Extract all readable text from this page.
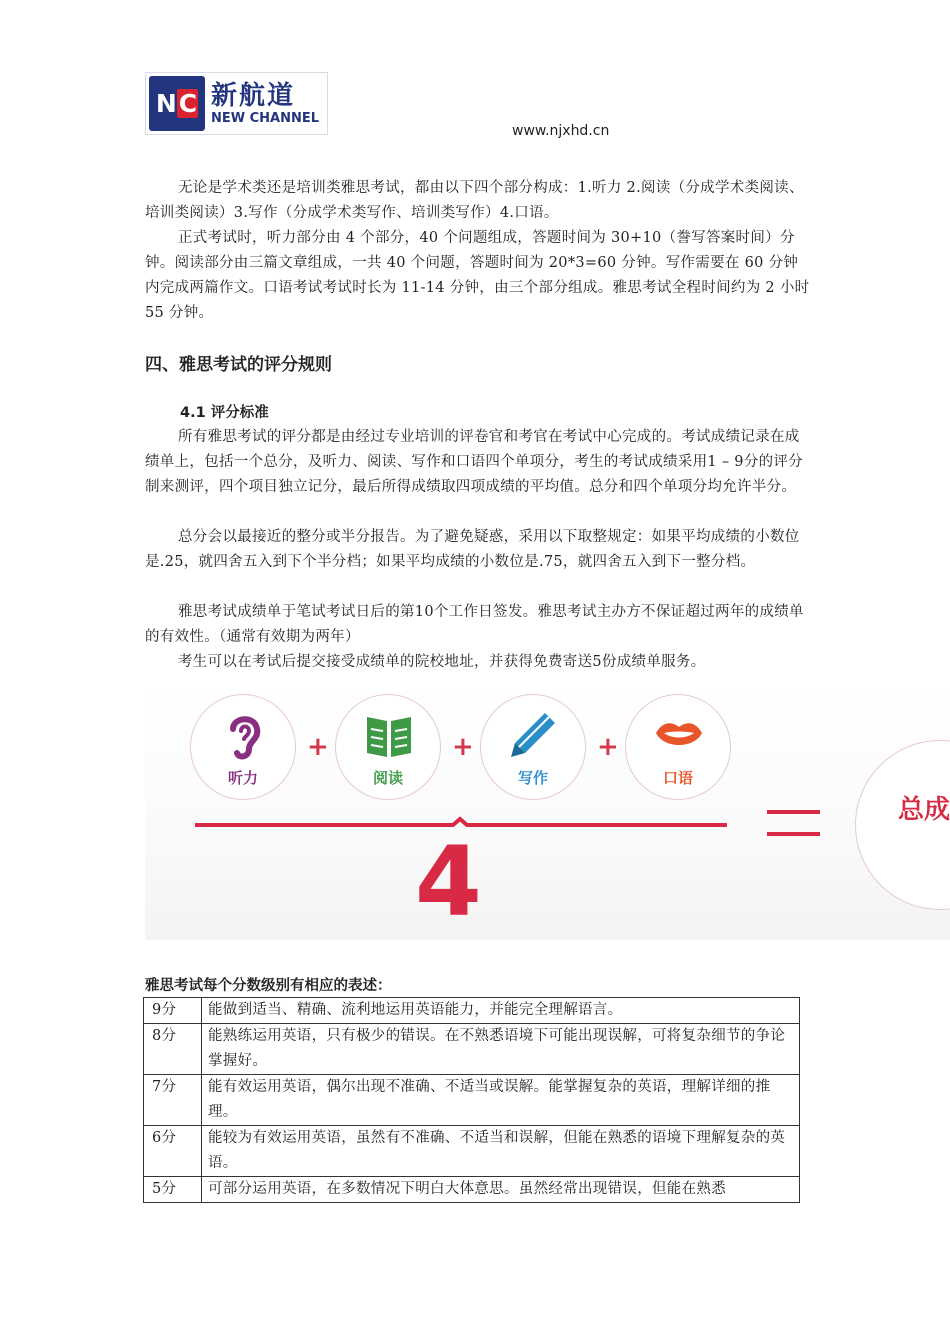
N C 新航道
NEW CHANNEL
www.njxhd.cn

无论是学术类还是培训类雅思考试，都由以下四个部分构成：1.听力 2.阅读（分成学术类阅读、培训类阅读）3.写作（分成学术类写作、培训类写作）4.口语。

正式考试时，听力部分由 4 个部分，40 个问题组成，答题时间为 30+10（誊写答案时间）分钟。阅读部分由三篇文章组成，一共 40 个问题，答题时间为 20*3=60 分钟。写作需要在 60 分钟内完成两篇作文。口语考试考试时长为 11-14 分钟，由三个部分组成。雅思考试全程时间约为 2 小时 55 分钟。

四、雅思考试的评分规则
4.1 评分标准

所有雅思考试的评分都是由经过专业培训的评卷官和考官在考试中心完成的。考试成绩记录在成绩单上，包括一个总分，及听力、阅读、写作和口语四个单项分，考生的考试成绩采用1 – 9分的评分制来测评，四个项目独立记分，最后所得成绩取四项成绩的平均值。总分和四个单项分均允许半分。

总分会以最接近的整分或半分报告。为了避免疑惑，采用以下取整规定：如果平均成绩的小数位是.25，就四舍五入到下个半分档；如果平均成绩的小数位是.75，就四舍五入到下一整分档。

雅思考试成绩单于笔试考试日后的第10个工作日签发。雅思考试主办方不保证超过两年的成绩单的有效性。（通常有效期为两年）

考生可以在考试后提交接受成绩单的院校地址，并获得免费寄送5份成绩单服务。

听力
+
阅读
+
写作
+
口语
4
总成

雅思考试每个分数级别有相应的表述：

9分	能做到适当、精确、流利地运用英语能力，并能完全理解语言。
8分	能熟练运用英语，只有极少的错误。在不熟悉语境下可能出现误解，可将复杂细节的争论掌握好。
7分	能有效运用英语，偶尔出现不准确、不适当或误解。能掌握复杂的英语，理解详细的推理。
6分	能较为有效运用英语，虽然有不准确、不适当和误解，但能在熟悉的语境下理解复杂的英语。
5分	可部分运用英语，在多数情况下明白大体意思。虽然经常出现错误，但能在熟悉
